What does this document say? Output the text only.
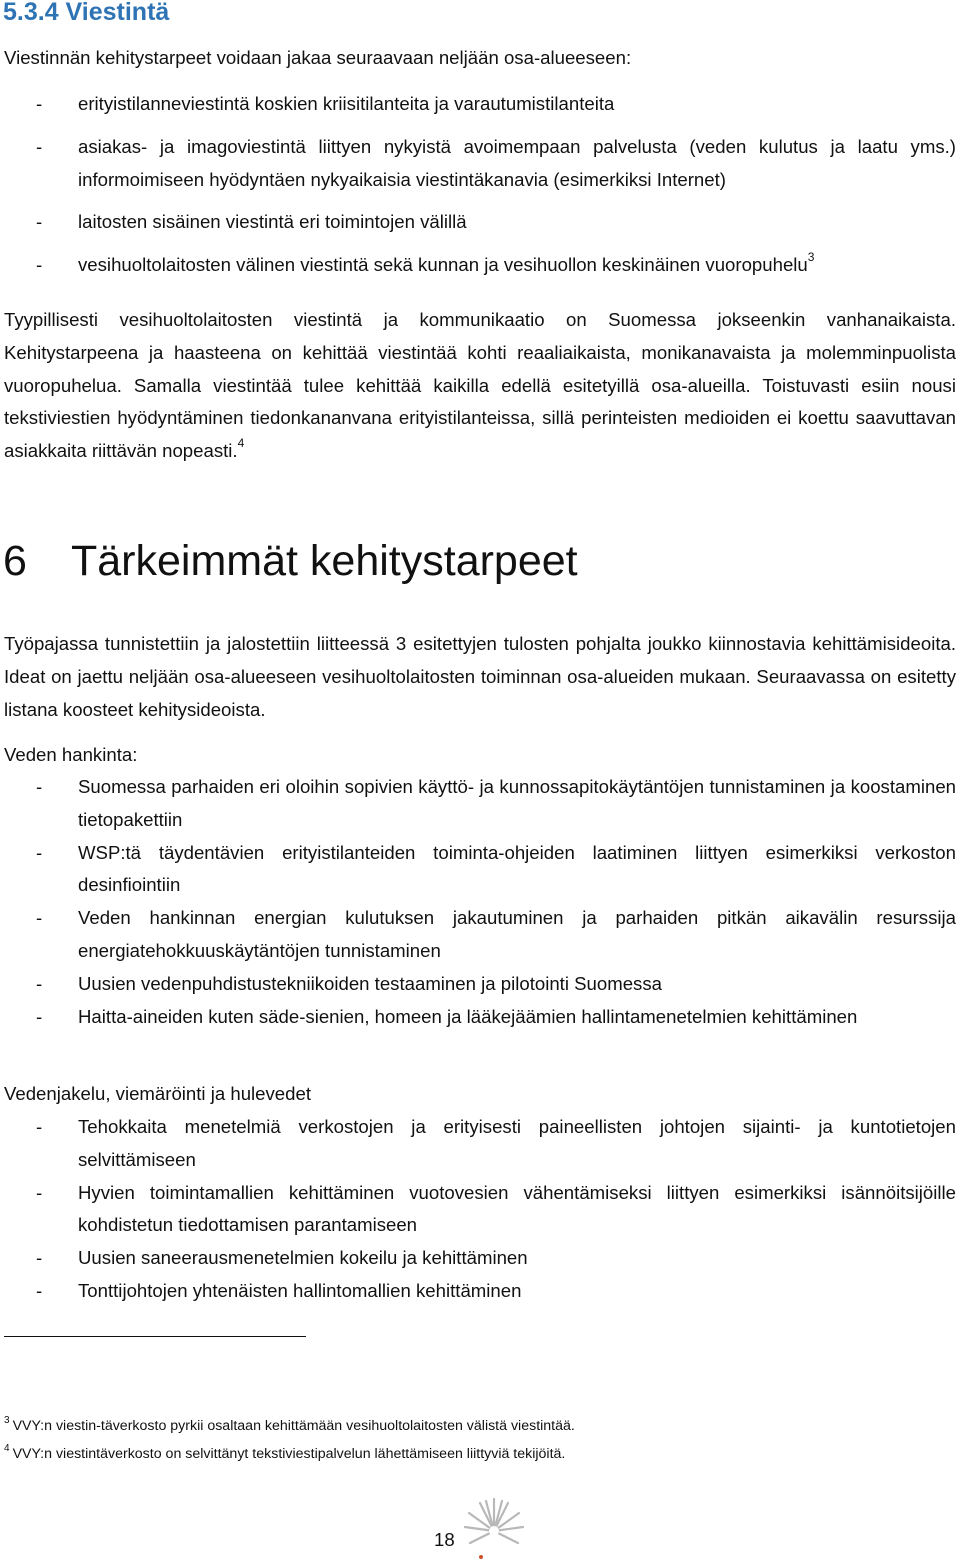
5.3.4 Viestintä

Viestinnän kehitystarpeet voidaan jakaa seuraavaan neljään osa-alueeseen:

- erityistilanneviestintä koskien kriisitilanteita ja varautumistilanteita
- asiakas- ja imagoviestintä liittyen nykyistä avoimempaan palvelusta (veden kulutus ja laatu yms.) informoimiseen hyödyntäen nykyaikaisia viestintäkanavia (esimerkiksi Internet)
- laitosten sisäinen viestintä eri toimintojen välillä
- vesihuoltolaitosten välinen viestintä sekä kunnan ja vesihuollon keskinäinen vuoropuhelu$^3$

Tyypillisesti vesihuoltolaitosten viestintä ja kommunikaatio on Suomessa jokseenkin vanhanaikaista. Kehitystarpeena ja haasteena on kehittää viestintää kohti reaaliaikaista, monikanavaista ja molemminpuolista vuoropuhelua. Samalla viestintää tulee kehittää kaikilla edellä esitetyillä osa-alueilla. Toistuvasti esiin nousi tekstiviestien hyödyntäminen tiedonkananvana erityistilanteissa, sillä perinteisten medioiden ei koettu saavuttavan asiakkaita riittävän nopeasti.$^4$

6 Tärkeimmät kehitystarpeet

Työpajassa tunnistettiin ja jalostettiin liitteessä 3 esitettyjen tulosten pohjalta joukko kiinnostavia kehittämisideoita. Ideat on jaettu neljään osa-alueeseen vesihuoltolaitosten toiminnan osa-alueiden mukaan. Seuraavassa on esitetty listana koosteet kehitysideoista.

Veden hankinta:

- Suomessa parhaiden eri oloihin sopivien käyttö- ja kunnossapitokäytäntöjen tunnistaminen ja koostaminen tietopakettiin
- WSP:tä täydentävien erityistilanteiden toiminta-ohjeiden laatiminen liittyen esimerkiksi verkoston desinfiointiin
- Veden hankinnan energian kulutuksen jakautuminen ja parhaiden pitkän aikavälin resurssija energiatehokkuuskäytäntöjen tunnistaminen
- Uusien vedenpuhdistustekniikoiden testaaminen ja pilotointi Suomessa
- Haitta-aineiden kuten säde-sienien, homeen ja lääkejäämien hallintamenetelmien kehittäminen

Vedenjakelu, viemäröinti ja hulevedet

- Tehokkaita menetelmiä verkostojen ja erityisesti paineellisten johtojen sijainti- ja kuntotietojen selvittämiseen
- Hyvien toimintamallien kehittäminen vuotovesien vähentämiseksi liittyen esimerkiksi isännöitsijöille kohdistetun tiedottamisen parantamiseen
- Uusien saneerausmenetelmien kokeilu ja kehittäminen
- Tonttijohtojen yhtenäisten hallintomallien kehittäminen

$^3$ VVY:n viestin-täverkosto pyrkii osaltaan kehittämään vesihuoltolaitosten välistä viestintää.

$^4$ VVY:n viestintäverkosto on selvittänyt tekstiviestipalvelun lähettämiseen liittyviä tekijöitä.

18
